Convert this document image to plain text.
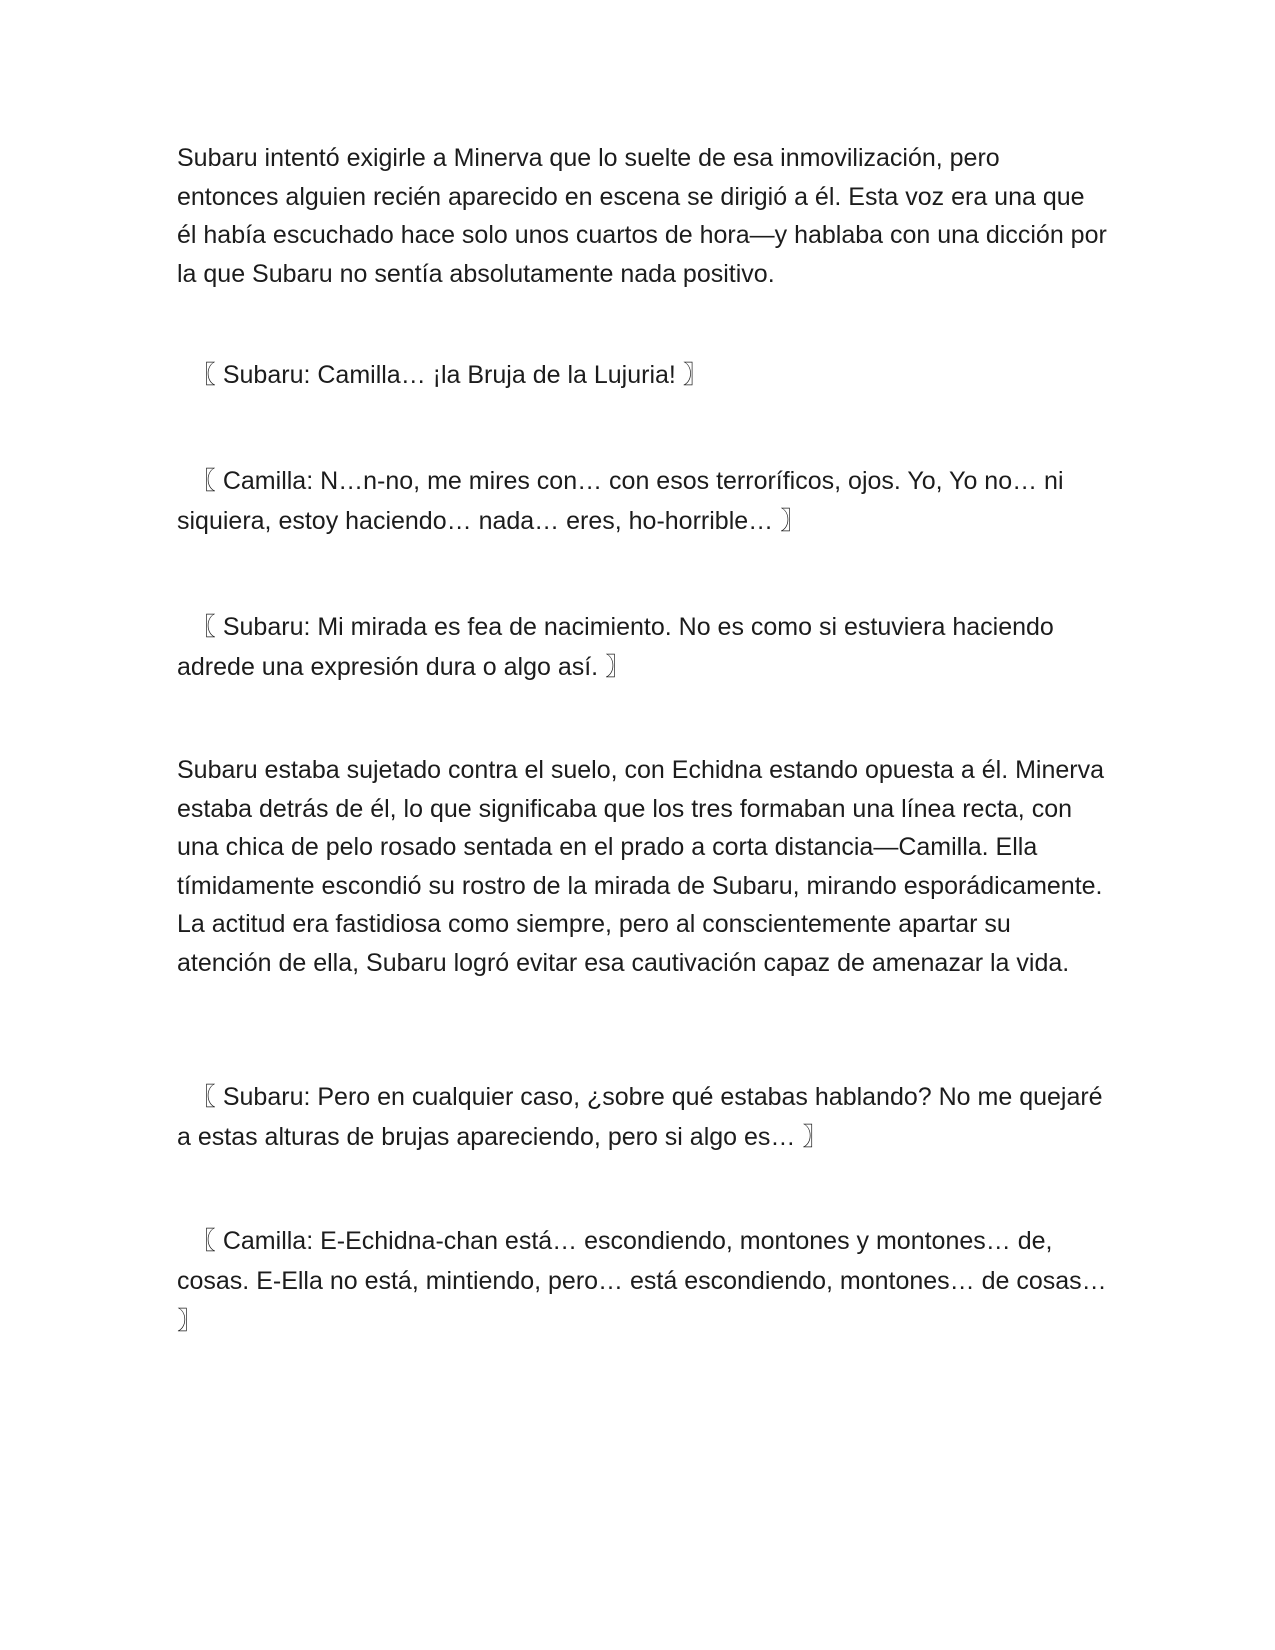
Subaru intentó exigirle a Minerva que lo suelte de esa inmovilización, pero entonces alguien recién aparecido en escena se dirigió a él. Esta voz era una que él había escuchado hace solo unos cuartos de hora—y hablaba con una dicción por la que Subaru no sentía absolutamente nada positivo.

〖 Subaru: Camilla… ¡la Bruja de la Lujuria! 〗

〖 Camilla: N…n-no, me mires con… con esos terroríficos, ojos. Yo, Yo no… ni siquiera, estoy haciendo… nada… eres, ho-horrible… 〗

〖 Subaru: Mi mirada es fea de nacimiento. No es como si estuviera haciendo adrede una expresión dura o algo así. 〗

Subaru estaba sujetado contra el suelo, con Echidna estando opuesta a él. Minerva estaba detrás de él, lo que significaba que los tres formaban una línea recta, con una chica de pelo rosado sentada en el prado a corta distancia—Camilla. Ella tímidamente escondió su rostro de la mirada de Subaru, mirando esporádicamente. La actitud era fastidiosa como siempre, pero al conscientemente apartar su atención de ella, Subaru logró evitar esa cautivación capaz de amenazar la vida.

〖 Subaru: Pero en cualquier caso, ¿sobre qué estabas hablando? No me quejaré a estas alturas de brujas apareciendo, pero si algo es… 〗

〖 Camilla: E-Echidna-chan está… escondiendo, montones y montones… de, cosas. E-Ella no está, mintiendo, pero… está escondiendo, montones… de cosas… 〗
